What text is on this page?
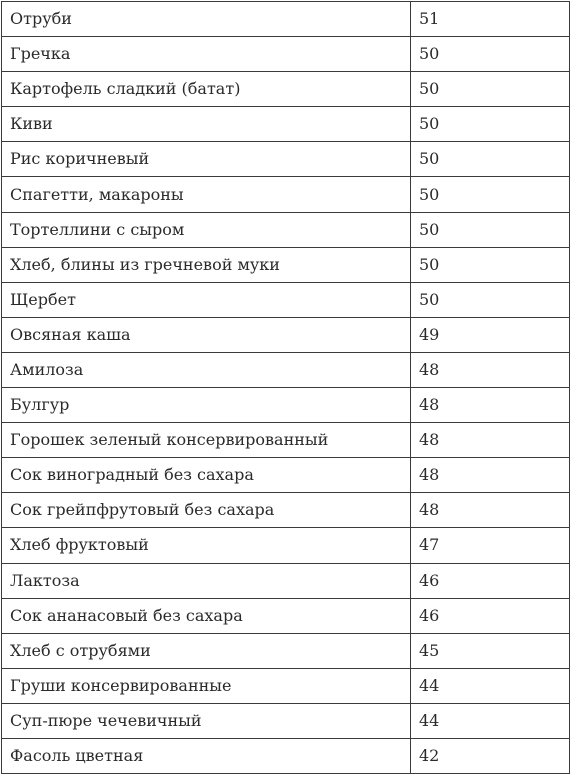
Отруби	51
Гречка	50
Картофель сладкий (батат)	50
Киви	50
Рис коричневый	50
Спагетти, макароны	50
Тортеллини с сыром	50
Хлеб, блины из гречневой муки	50
Щербет	50
Овсяная каша	49
Амилоза	48
Булгур	48
Горошек зеленый консервированный	48
Сок виноградный без сахара	48
Сок грейпфрутовый без сахара	48
Хлеб фруктовый	47
Лактоза	46
Сок ананасовый без сахара	46
Хлеб с отрубями	45
Груши консервированные	44
Суп-пюре чечевичный	44
Фасоль цветная	42
